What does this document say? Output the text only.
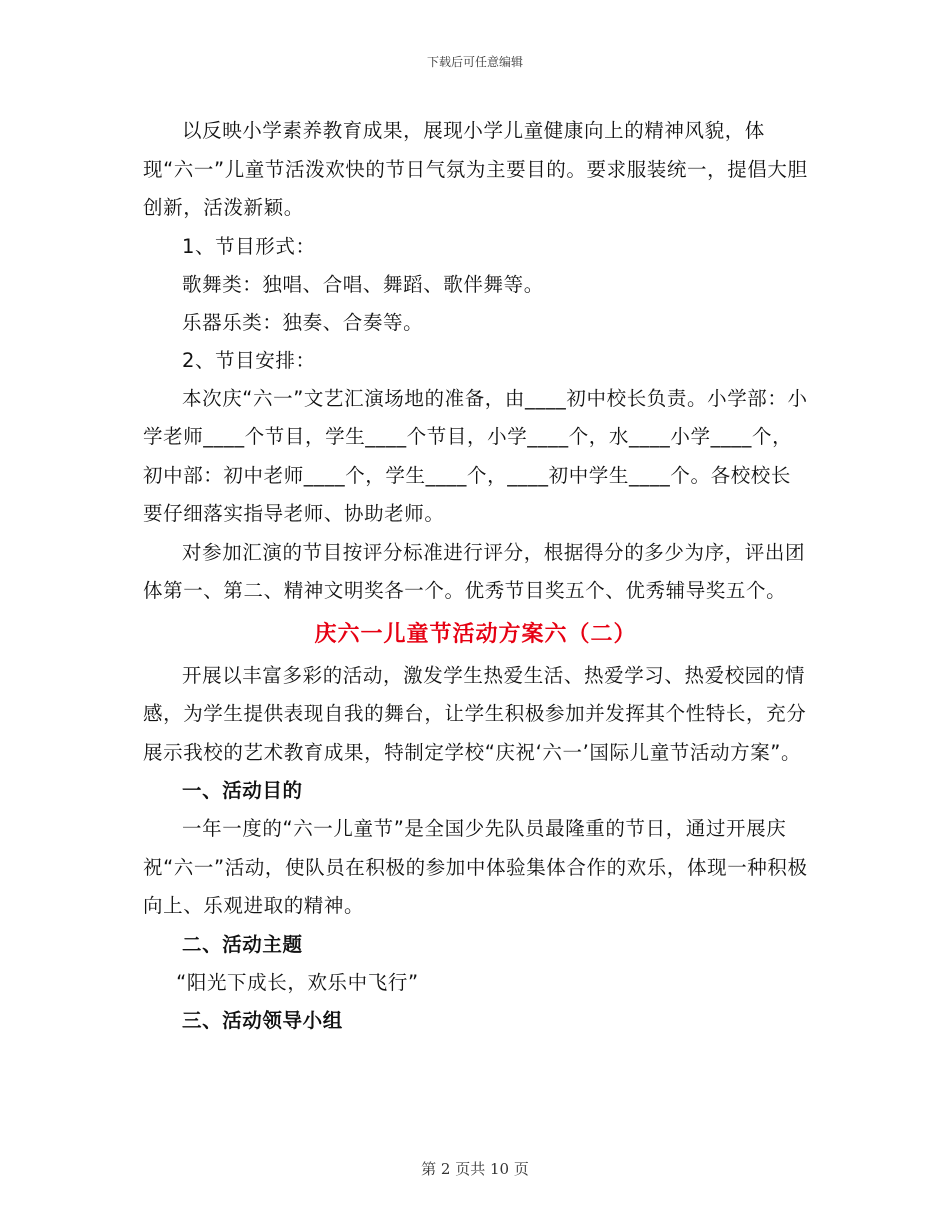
下载后可任意编辑

以反映小学素养教育成果，展现小学儿童健康向上的精神风貌，体现“六一”儿童节活泼欢快的节日气氛为主要目的。要求服装统一，提倡大胆创新，活泼新颖。

1、节目形式：

歌舞类：独唱、合唱、舞蹈、歌伴舞等。

乐器乐类：独奏、合奏等。

2、节目安排：

本次庆“六一”文艺汇演场地的准备，由____初中校长负责。小学部：小学老师____个节目，学生____个节目，小学____个，水____小学____个，初中部：初中老师____个，学生____个，____初中学生____个。各校校长要仔细落实指导老师、协助老师。

对参加汇演的节目按评分标准进行评分，根据得分的多少为序，评出团体第一、第二、精神文明奖各一个。优秀节目奖五个、优秀辅导奖五个。

庆六一儿童节活动方案六（二）

开展以丰富多彩的活动，激发学生热爱生活、热爱学习、热爱校园的情感，为学生提供表现自我的舞台，让学生积极参加并发挥其个性特长，充分展示我校的艺术教育成果，特制定学校“庆祝‘六一’国际儿童节活动方案”。

一、活动目的

一年一度的“六一儿童节”是全国少先队员最隆重的节日，通过开展庆祝“六一”活动，使队员在积极的参加中体验集体合作的欢乐，体现一种积极向上、乐观进取的精神。

二、活动主题

“阳光下成长，欢乐中飞行”

三、活动领导小组

第 2 页共 10 页
